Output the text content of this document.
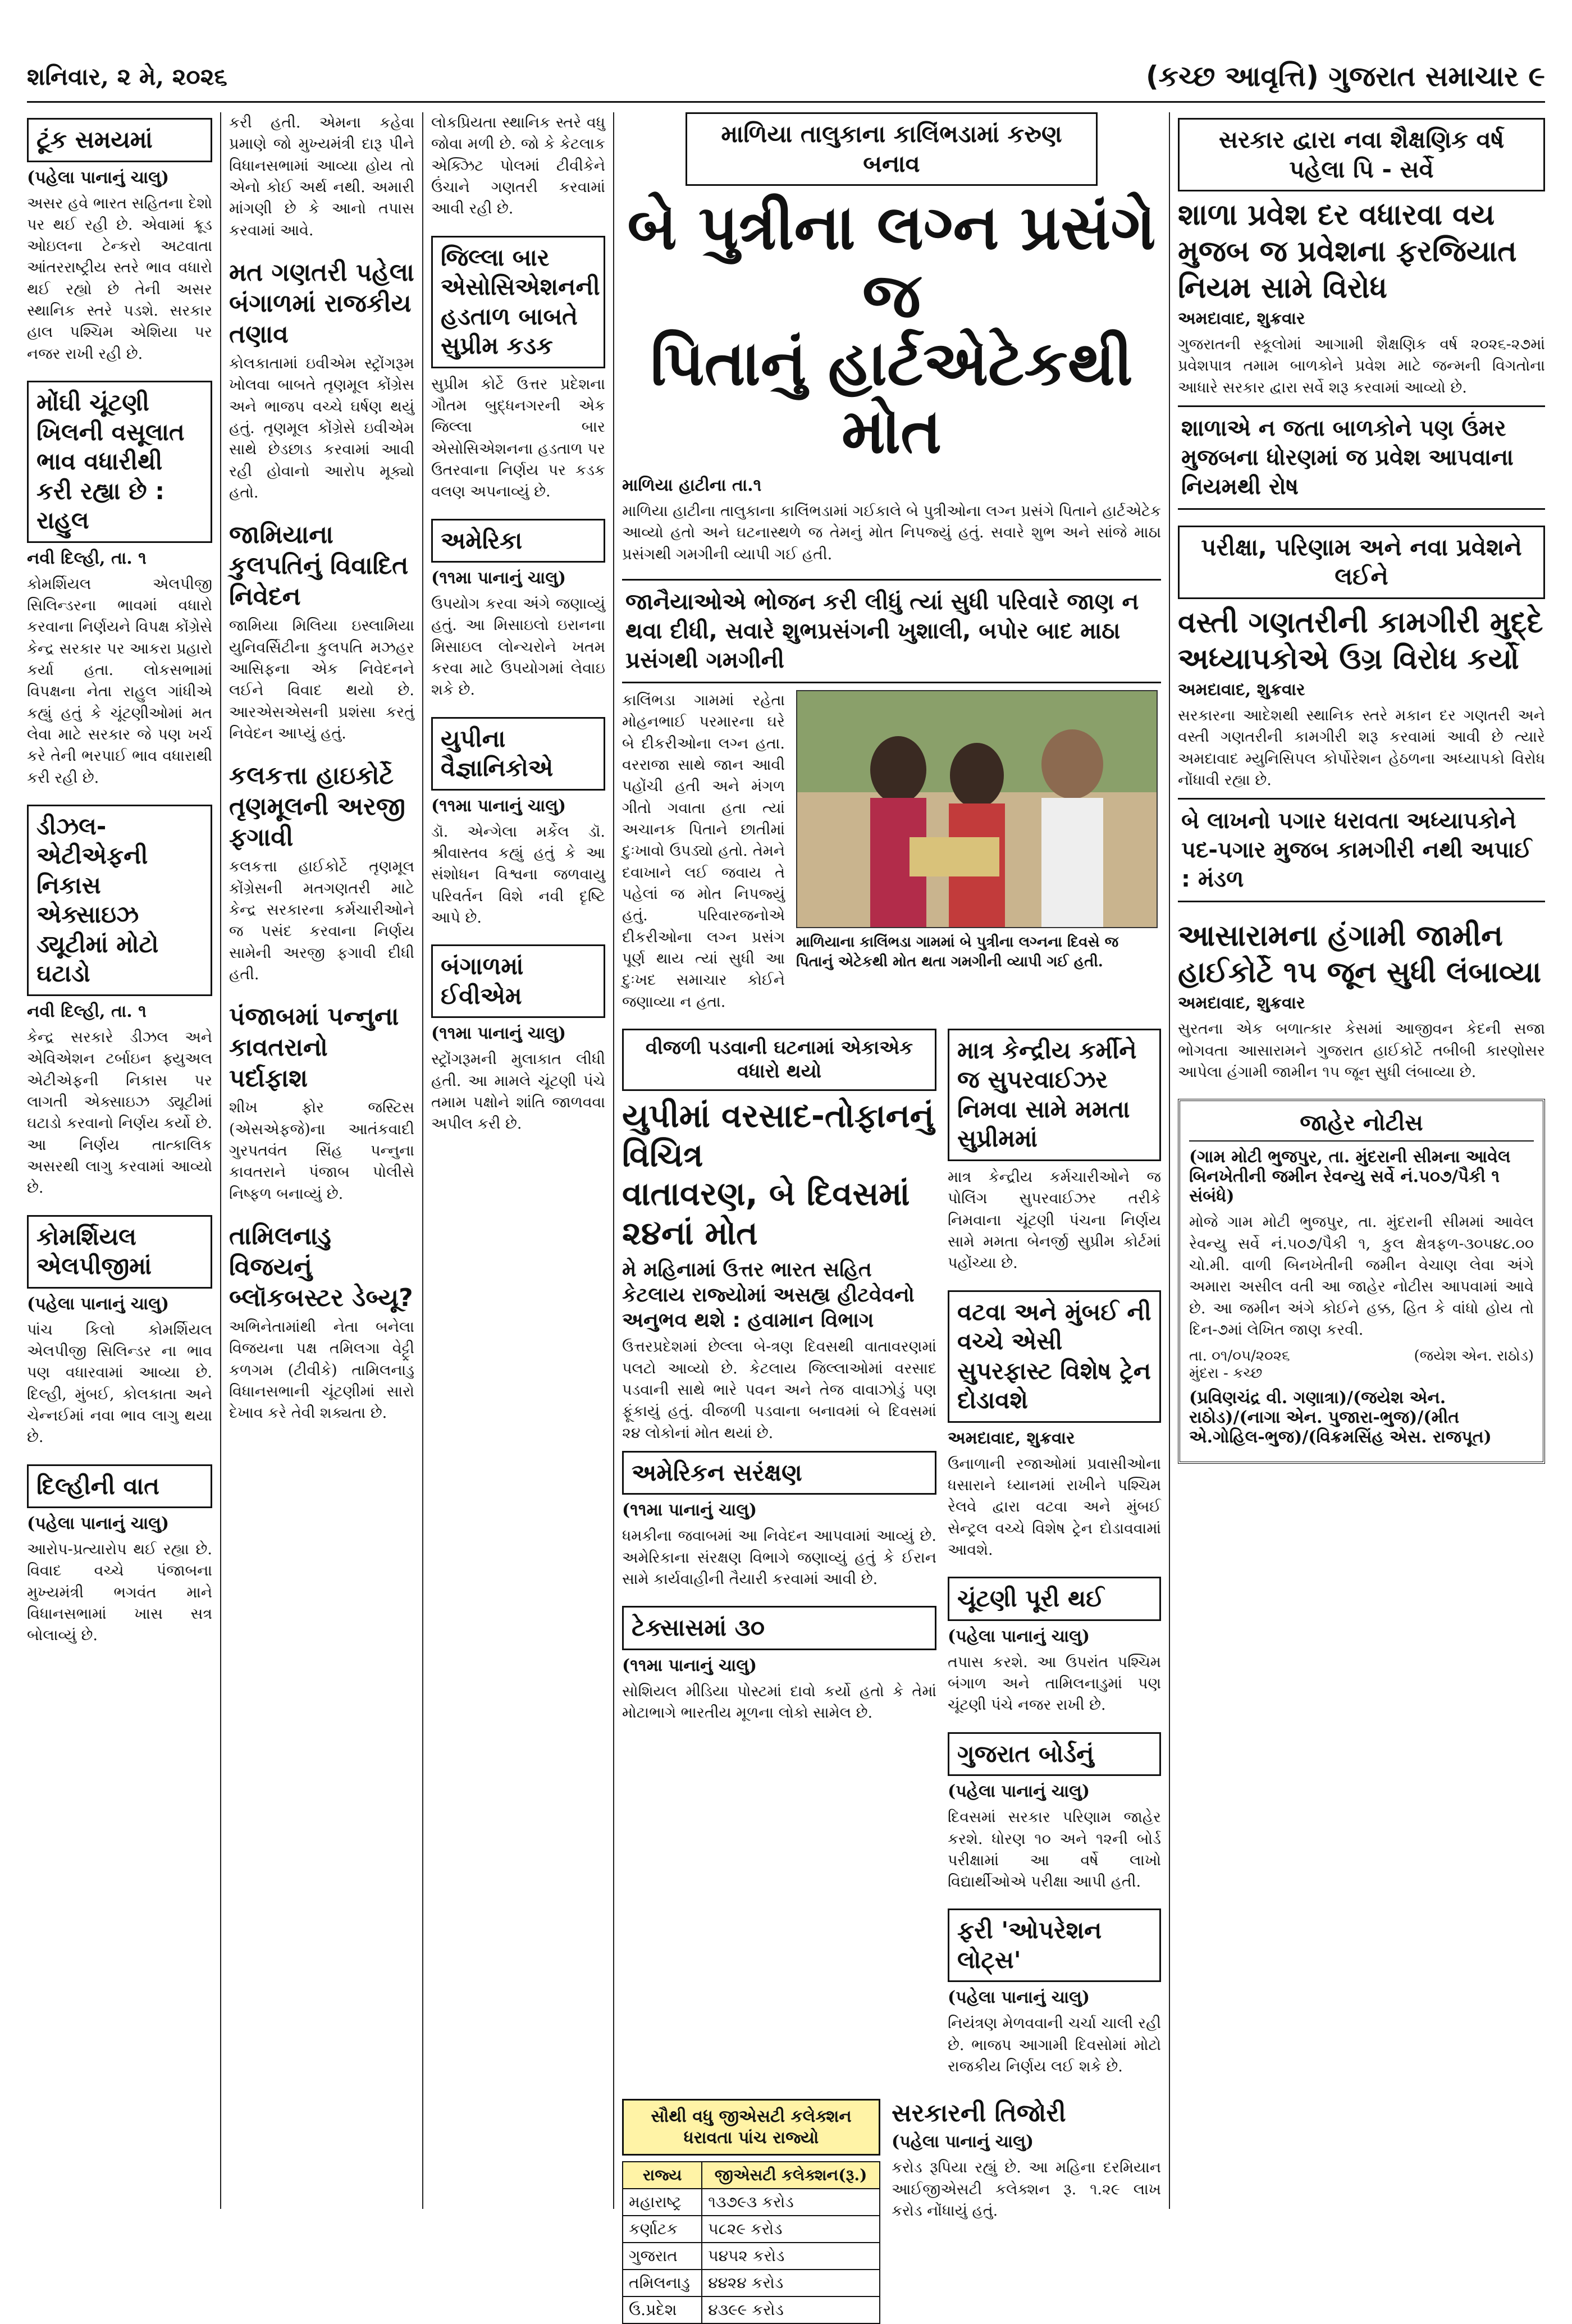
શનિવાર, ૨ મે, ૨૦૨૬	(કચ્છ આવૃત્તિ) ગુજરાત સમાચાર ૯
ટૂંક સમયમાં
(પહેલા પાનાનું ચાલુ)

અસર હવે ભારત સહિતના દેશો પર થઈ રહી છે. એવામાં ક્રૂડ ઓઇલના ટેન્કરો અટવાતા આંતરરાષ્ટ્રીય સ્તરે ભાવ વધારો થઈ રહ્યો છે તેની અસર સ્થાનિક સ્તરે પડશે. સરકાર હાલ પશ્ચિમ એશિયા પર નજર રાખી રહી છે.

મોંઘી ચૂંટણી ખિલની વસૂલાત ભાવ વધારીથી કરી રહ્યા છે : રાહુલ
નવી દિલ્હી, તા. ૧

કોમર્શિયલ એલપીજી સિલિન્ડરના ભાવમાં વધારો કરવાના નિર્ણયને વિપક્ષ કોંગ્રેસે કેન્દ્ર સરકાર પર આકરા પ્રહારો કર્યા હતા. લોકસભામાં વિપક્ષના નેતા રાહુલ ગાંધીએ કહ્યું હતું કે ચૂંટણીઓમાં મત લેવા માટે સરકાર જે પણ ખર્ચ કરે તેની ભરપાઈ ભાવ વધારાથી કરી રહી છે.

ડીઝલ-એટીએફની નિકાસ એક્સાઇઝ ડ્યૂટીમાં મોટો ઘટાડો
નવી દિલ્હી, તા. ૧

કેન્દ્ર સરકારે ડીઝલ અને એવિએશન ટર્બાઇન ફ્યુઅલ એટીએફની નિકાસ પર લાગતી એક્સાઇઝ ડ્યૂટીમાં ઘટાડો કરવાનો નિર્ણય કર્યો છે. આ નિર્ણય તાત્કાલિક અસરથી લાગુ કરવામાં આવ્યો છે.

કોમર્શિયલ એલપીજીમાં
(પહેલા પાનાનું ચાલુ)

પાંચ કિલો કોમર્શિયલ એલપીજી સિલિન્ડર ના ભાવ પણ વધારવામાં આવ્યા છે. દિલ્હી, મુંબઈ, કોલકાતા અને ચેન્નઈમાં નવા ભાવ લાગુ થયા છે.

દિલ્હીની વાત
(પહેલા પાનાનું ચાલુ)

આરોપ-પ્રત્યારોપ થઈ રહ્યા છે. વિવાદ વચ્ચે પંજાબના મુખ્યમંત્રી ભગવંત માને વિધાનસભામાં ખાસ સત્ર બોલાવ્યું છે.

કરી હતી. એમના કહેવા પ્રમાણે જો મુખ્યમંત્રી દારૂ પીને વિધાનસભામાં આવ્યા હોય તો એનો કોઈ અર્થ નથી. અમારી માંગણી છે કે આનો તપાસ કરવામાં આવે.

મત ગણતરી પહેલા બંગાળમાં રાજકીય તણાવ

કોલકાતામાં ઇવીએમ સ્ટ્રોંગરૂમ ખોલવા બાબતે તૃણમૂલ કોંગ્રેસ અને ભાજપ વચ્ચે ઘર્ષણ થયું હતું. તૃણમૂલ કોંગ્રેસે ઇવીએમ સાથે છેડછાડ કરવામાં આવી રહી હોવાનો આરોપ મૂક્યો હતો.

જામિયાના કુલપતિનું વિવાદિત નિવેદન

જામિયા મિલિયા ઇસ્લામિયા યુનિવર્સિટીના કુલપતિ મઝહર આસિફના એક નિવેદનને લઈને વિવાદ થયો છે. આરએસએસની પ્રશંસા કરતું નિવેદન આપ્યું હતું.

કલકત્તા હાઇકોર્ટે તૃણમૂલની અરજી ફગાવી

કલકત્તા હાઈકોર્ટે તૃણમૂલ કોંગ્રેસની મતગણતરી માટે કેન્દ્ર સરકારના કર્મચારીઓને જ પસંદ કરવાના નિર્ણય સામેની અરજી ફગાવી દીધી હતી.

પંજાબમાં પન્નુના કાવતરાનો પર્દાફાશ

શીખ ફોર જસ્ટિસ (એસએફજે)ના આતંકવાદી ગુરપતવંત સિંહ પન્નુના કાવતરાને પંજાબ પોલીસે નિષ્ફળ બનાવ્યું છે.

તામિલનાડુ વિજયનું બ્લૉકબસ્ટર ડેબ્યૂ?

અભિનેતામાંથી નેતા બનેલા વિજયના પક્ષ તમિલગા વેટ્ટ્રી કળગમ (ટીવીકે) તામિલનાડુ વિધાનસભાની ચૂંટણીમાં સારો દેખાવ કરે તેવી શક્યતા છે.

લોકપ્રિયતા સ્થાનિક સ્તરે વધુ જોવા મળી છે. જો કે કેટલાક એક્ઝિટ પોલમાં ટીવીકેને ઉંચાને ગણતરી કરવામાં આવી રહી છે.

જિલ્લા બાર એસોસિએશનની હડતાળ બાબતે સુપ્રીમ કડક

સુપ્રીમ કોર્ટે ઉત્તર પ્રદેશના ગૌતમ બુદ્ધનગરની એક જિલ્લા બાર એસોસિએશનના હડતાળ પર ઉતરવાના નિર્ણય પર કડક વલણ અપનાવ્યું છે.

અમેરિકા
(૧૧મા પાનાનું ચાલુ)

ઉપયોગ કરવા અંગે જણાવ્યું હતું. આ મિસાઇલો ઇરાનના મિસાઇલ લોન્ચરોને ખતમ કરવા માટે ઉપયોગમાં લેવાઇ શકે છે.

યુપીના વૈજ્ઞાનિકોએ
(૧૧મા પાનાનું ચાલુ)

ડૉ. એન્ગેલા મર્કેલ ડૉ. શ્રીવાસ્તવ કહ્યું હતું કે આ સંશોધન વિશ્વના જળવાયુ પરિવર્તન વિશે નવી દૃષ્ટિ આપે છે.

બંગાળમાં ઈવીએમ
(૧૧મા પાનાનું ચાલુ)

સ્ટ્રોંગરૂમની મુલાકાત લીધી હતી. આ મામલે ચૂંટણી પંચે તમામ પક્ષોને શાંતિ જાળવવા અપીલ કરી છે.

માળિયા તાલુકાના કાલિંભડામાં કરુણ બનાવ
બે પુત્રીના લગ્ન પ્રસંગે જ
પિતાનું હાર્ટએટેકથી મોત
માળિયા હાટીના તા.૧

માળિયા હાટીના તાલુકાના કાલિંભડામાં ગઈકાલે બે પુત્રીઓના લગ્ન પ્રસંગે પિતાને હાર્ટએટેક આવ્યો હતો અને ઘટનાસ્થળે જ તેમનું મોત નિપજ્યું હતું. સવારે શુભ અને સાંજે માઠા પ્રસંગથી ગમગીની વ્યાપી ગઈ હતી.

જાનૈયાઓએ ભોજન કરી લીધું ત્યાં સુધી પરિવારે જાણ ન થવા દીધી, સવારે શુભપ્રસંગની ખુશાલી, બપોર બાદ માઠા પ્રસંગથી ગમગીની

કાલિંભડા ગામમાં રહેતા મોહનભાઈ પરમારના ઘરે બે દીકરીઓના લગ્ન હતા. વરરાજા સાથે જાન આવી પહોંચી હતી અને મંગળ ગીતો ગવાતા હતા ત્યાં અચાનક પિતાને છાતીમાં દુઃખાવો ઉપડ્યો હતો. તેમને દવાખાને લઈ જવાય તે પહેલાં જ મોત નિપજ્યું હતું. પરિવારજનોએ દીકરીઓના લગ્ન પ્રસંગ પૂર્ણ થાય ત્યાં સુધી આ દુઃખદ સમાચાર કોઈને જણાવ્યા ન હતા.

માળિયાના કાલિંભડા ગામમાં બે પુત્રીના લગ્નના દિવસે જ પિતાનું એટેકથી મોત થતા ગમગીની વ્યાપી ગઈ હતી.
વીજળી પડવાની ઘટનામાં એકાએક વધારો થયો
યુપીમાં વરસાદ-તોફાનનું વિચિત્ર
વાતાવરણ, બે દિવસમાં ૨૪નાં મોત
મે મહિનામાં ઉત્તર ભારત સહિત કેટલાય રાજ્યોમાં અસહ્ય હીટવેવનો અનુભવ થશે : હવામાન વિભાગ

ઉત્તરપ્રદેશમાં છેલ્લા બે-ત્રણ દિવસથી વાતાવરણમાં પલટો આવ્યો છે. કેટલાય જિલ્લાઓમાં વરસાદ પડવાની સાથે ભારે પવન અને તેજ વાવાઝોડું પણ ફૂંકાયું હતું. વીજળી પડવાના બનાવમાં બે દિવસમાં ૨૪ લોકોનાં મોત થયાં છે.

અમેરિકન સરંક્ષણ
(૧૧મા પાનાનું ચાલુ)

ધમકીના જવાબમાં આ નિવેદન આપવામાં આવ્યું છે. અમેરિકાના સંરક્ષણ વિભાગે જણાવ્યું હતું કે ઈરાન સામે કાર્યવાહીની તૈયારી કરવામાં આવી છે.

ટેક્સાસમાં ૩૦
(૧૧મા પાનાનું ચાલુ)

સોશિયલ મીડિયા પોસ્ટમાં દાવો કર્યો હતો કે તેમાં મોટાભાગે ભારતીય મૂળના લોકો સામેલ છે.

માત્ર કેન્દ્રીય કર્મીને જ સુપરવાઈઝર નિમવા સામે મમતા સુપ્રીમમાં

માત્ર કેન્દ્રીય કર્મચારીઓને જ પોલિંગ સુપરવાઈઝર તરીકે નિમવાના ચૂંટણી પંચના નિર્ણય સામે મમતા બેનર્જી સુપ્રીમ કોર્ટમાં પહોંચ્યા છે.

વટવા અને મુંબઈ ની વચ્ચે એસી સુપરફાસ્ટ વિશેષ ટ્રેન દોડાવશે
અમદાવાદ, શુક્રવાર

ઉનાળાની રજાઓમાં પ્રવાસીઓના ધસારાને ધ્યાનમાં રાખીને પશ્ચિમ રેલવે દ્વારા વટવા અને મુંબઈ સેન્ટ્રલ વચ્ચે વિશેષ ટ્રેન દોડાવવામાં આવશે.

ચૂંટણી પૂરી થઈ
(પહેલા પાનાનું ચાલુ)

તપાસ કરશે. આ ઉપરાંત પશ્ચિમ બંગાળ અને તામિલનાડુમાં પણ ચૂંટણી પંચે નજર રાખી છે.

ગુજરાત બોર્ડનું
(પહેલા પાનાનું ચાલુ)

દિવસમાં સરકાર પરિણામ જાહેર કરશે. ધોરણ ૧૦ અને ૧૨ની બોર્ડ પરીક્ષામાં આ વર્ષે લાખો વિદ્યાર્થીઓએ પરીક્ષા આપી હતી.

ફરી 'ઓપરેશન લોટ્સ'
(પહેલા પાનાનું ચાલુ)

નિયંત્રણ મેળવવાની ચર્ચા ચાલી રહી છે. ભાજપ આગામી દિવસોમાં મોટો રાજકીય નિર્ણય લઈ શકે છે.

સૌથી વધુ જીએસટી કલેક્શન ધરાવતા પાંચ રાજ્યો
રાજ્ય	જીએસટી કલેક્શન(રૂ.)
મહારાષ્ટ્ર	૧૩૭૯૩ કરોડ
કર્ણાટક	૫૮૨૯ કરોડ
ગુજરાત	૫૪૫૨ કરોડ
તમિલનાડુ	૪૪૨૪ કરોડ
ઉ.પ્રદેશ	૪૩૯૯ કરોડ
સરકારની તિજોરી
(પહેલા પાનાનું ચાલુ)

કરોડ રૂપિયા રહ્યું છે. આ મહિના દરમિયાન આઈજીએસટી કલેક્શન રૂ. ૧.૨૯ લાખ કરોડ નોંધાયું હતું.

સરકાર દ્વારા નવા શૈક્ષણિક વર્ષ પહેલા પિ - સર્વે
શાળા પ્રવેશ દર વધારવા વય મુજબ જ પ્રવેશના ફરજિયાત નિયમ સામે વિરોધ
અમદાવાદ, શુક્રવાર

ગુજરાતની સ્કૂલોમાં આગામી શૈક્ષણિક વર્ષ ૨૦૨૬-૨૭માં પ્રવેશપાત્ર તમામ બાળકોને પ્રવેશ માટે જન્મની વિગતોના આધારે સરકાર દ્વારા સર્વે શરૂ કરવામાં આવ્યો છે.

શાળાએ ન જતા બાળકોને પણ ઉંમર મુજબના ધોરણમાં જ પ્રવેશ આપવાના નિયમથી રોષ
પરીક્ષા, પરિણામ અને નવા પ્રવેશને લઈને
વસ્તી ગણતરીની કામગીરી મુદ્દે અધ્યાપકોએ ઉગ્ર વિરોધ કર્યો
અમદાવાદ, શુક્રવાર

સરકારના આદેશથી સ્થાનિક સ્તરે મકાન દર ગણતરી અને વસ્તી ગણતરીની કામગીરી શરૂ કરવામાં આવી છે ત્યારે અમદાવાદ મ્યુનિસિપલ કોર્પોરેશન હેઠળના અધ્યાપકો વિરોધ નોંધાવી રહ્યા છે.

બે લાખનો પગાર ધરાવતા અધ્યાપકોને પદ-પગાર મુજબ કામગીરી નથી અપાઈ : મંડળ
આસારામના હંગામી જામીન હાઈકોર્ટે ૧૫ જૂન સુધી લંબાવ્યા
અમદાવાદ, શુક્રવાર

સુરતના એક બળાત્કાર કેસમાં આજીવન કેદની સજા ભોગવતા આસારામને ગુજરાત હાઈકોર્ટે તબીબી કારણોસર આપેલા હંગામી જામીન ૧૫ જૂન સુધી લંબાવ્યા છે.

જાહેર નોટીસ
(ગામ મોટી ભુજપુર, તા. મુંદરાની સીમના આવેલ બિનખેતીની જમીન રેવન્યુ સર્વે નં.૫૦૭/પૈકી ૧ સંબંધે)

મોજે ગામ મોટી ભુજપુર, તા. મુંદરાની સીમમાં આવેલ રેવન્યુ સર્વે નં.૫૦૭/પૈકી ૧, કુલ ક્ષેત્રફળ-૩૦૫૪૮.૦૦ ચો.મી. વાળી બિનખેતીની જમીન વેચાણ લેવા અંગે અમારા અસીલ વતી આ જાહેર નોટીસ આપવામાં આવે છે. આ જમીન અંગે કોઈને હક્ક, હિત કે વાંધો હોય તો દિન-૭માં લેખિત જાણ કરવી.

તા. ૦૧/૦૫/૨૦૨૬
મુંદરા - કચ્છ
(જયેશ એન. રાઠોડ)
(પ્રવિણચંદ્ર વી. ગણાત્રા)/(જયેશ એન. રાઠોડ)/(નાગા એન. પુજારા-ભુજ)/(મીત એ.ગોહિલ-ભુજ)/(વિક્રમસિંહ એસ. રાજપૂત)
